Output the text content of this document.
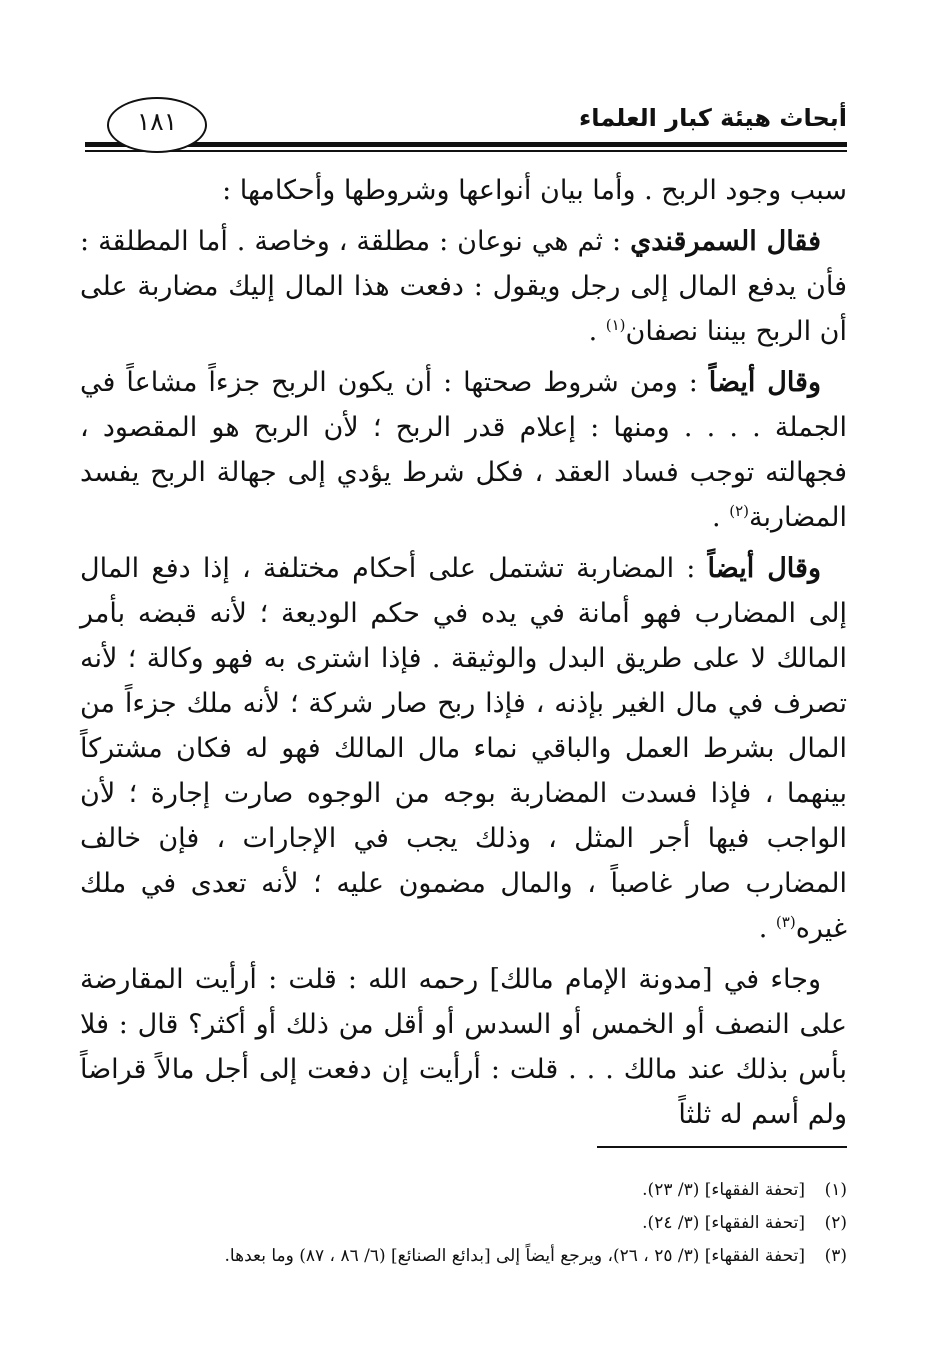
أبحاث هيئة كبار العلماء
١٨١

سبب وجود الربح . وأما بيان أنواعها وشروطها وأحكامها :

فقال السمرقندي : ثم هي نوعان : مطلقة ، وخاصة . أما المطلقة : فأن يدفع المال إلى رجل ويقول : دفعت هذا المال إليك مضاربة على أن الربح بيننا نصفان$^{(١)}$ .

وقال أيضاً : ومن شروط صحتها : أن يكون الربح جزءاً مشاعاً في الجملة . . . . ومنها : إعلام قدر الربح ؛ لأن الربح هو المقصود ، فجهالته توجب فساد العقد ، فكل شرط يؤدي إلى جهالة الربح يفسد المضاربة$^{(٢)}$ .

وقال أيضاً : المضاربة تشتمل على أحكام مختلفة ، إذا دفع المال إلى المضارب فهو أمانة في يده في حكم الوديعة ؛ لأنه قبضه بأمر المالك لا على طريق البدل والوثيقة . فإذا اشترى به فهو وكالة ؛ لأنه تصرف في مال الغير بإذنه ، فإذا ربح صار شركة ؛ لأنه ملك جزءاً من المال بشرط العمل والباقي نماء مال المالك فهو له فكان مشتركاً بينهما ، فإذا فسدت المضاربة بوجه من الوجوه صارت إجارة ؛ لأن الواجب فيها أجر المثل ، وذلك يجب في الإجارات ، فإن خالف المضارب صار غاصباً ، والمال مضمون عليه ؛ لأنه تعدى في ملك غيره$^{(٣)}$ .

وجاء في [مدونة الإمام مالك] رحمه الله : قلت : أرأيت المقارضة على النصف أو الخمس أو السدس أو أقل من ذلك أو أكثر؟ قال : فلا بأس بذلك عند مالك . . . قلت : أرأيت إن دفعت إلى أجل مالاً قراضاً ولم أسم له ثلثاً

(١)[تحفة الفقهاء] (٣/ ٢٣).
(٢)[تحفة الفقهاء] (٣/ ٢٤).
(٣)[تحفة الفقهاء] (٣/ ٢٥ ، ٢٦)، ويرجع أيضاً إلى [بدائع الصنائع] (٦/ ٨٦ ، ٨٧) وما بعدها.
